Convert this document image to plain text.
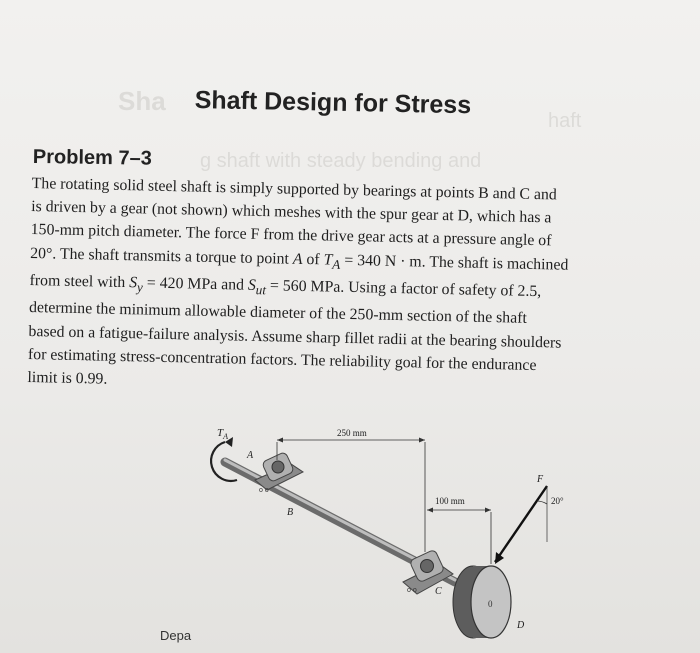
Sha
haft
g shaft with steady bending and
Shaft Design for Stress
Problem 7–3
The rotating solid steel shaft is simply supported by bearings at points B and C and
is driven by a gear (not shown) which meshes with the spur gear at D, which has a
150-mm pitch diameter. The force F from the drive gear acts at a pressure angle of
20°. The shaft transmits a torque to point A of $T_A = 340$ N · m. The shaft is machined
from steel with $S_y = 420$ MPa and $S_{ut} = 560$ MPa. Using a factor of safety of 2.5,
determine the minimum allowable diameter of the 250-mm section of the shaft
based on a fatigue-failure analysis. Assume sharp fillet radii at the bearing shoulders
for estimating stress-concentration factors. The reliability goal for the endurance
limit is 0.99.
$T_A$
A
o o
B
o o C
0
D
250 mm
100 mm
F
20°
Depa
